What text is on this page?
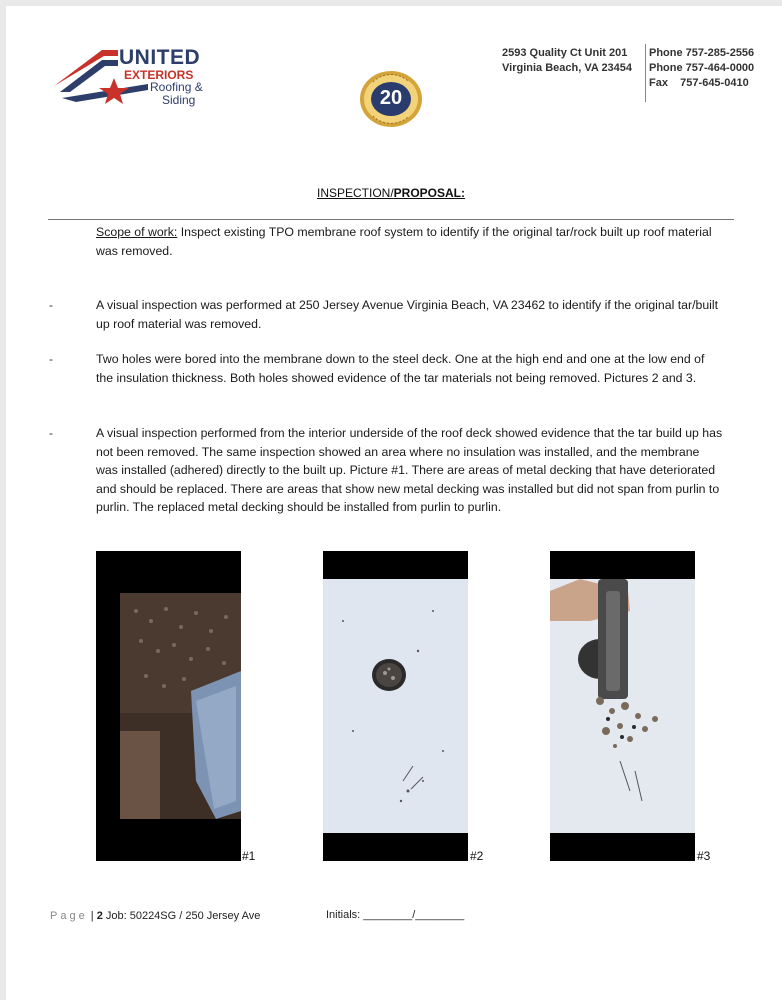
UNITED
EXTERIORS
Roofing &
Siding	20
2593 Quality Ct Unit 201
Virginia Beach, VA 23454
Phone 757-285-2556
Phone 757-464-0000
Fax    757-645-0410
INSPECTION/PROPOSAL:
Scope of work: Inspect existing TPO membrane roof system to identify if the original tar/rock built up roof material was removed.
-	A visual inspection was performed at 250 Jersey Avenue Virginia Beach, VA 23462 to identify if the original tar/built up roof material was removed.
-	Two holes were bored into the membrane down to the steel deck. One at the high end and one at the low end of the insulation thickness. Both holes showed evidence of the tar materials not being removed. Pictures 2 and 3.
-	A visual inspection performed from the interior underside of the roof deck showed evidence that the tar build up has not been removed. The same inspection showed an area where no insulation was installed, and the membrane was installed (adhered) directly to the built up. Picture #1. There are areas of metal decking that have deteriorated and should be replaced. There are areas that show new metal decking was installed but did not span from purlin to purlin. The replaced metal decking should be installed from purlin to purlin.
#1	#2	#3
Page | 2 Job: 50224SG / 250 Jersey Ave	Initials: ________/________
